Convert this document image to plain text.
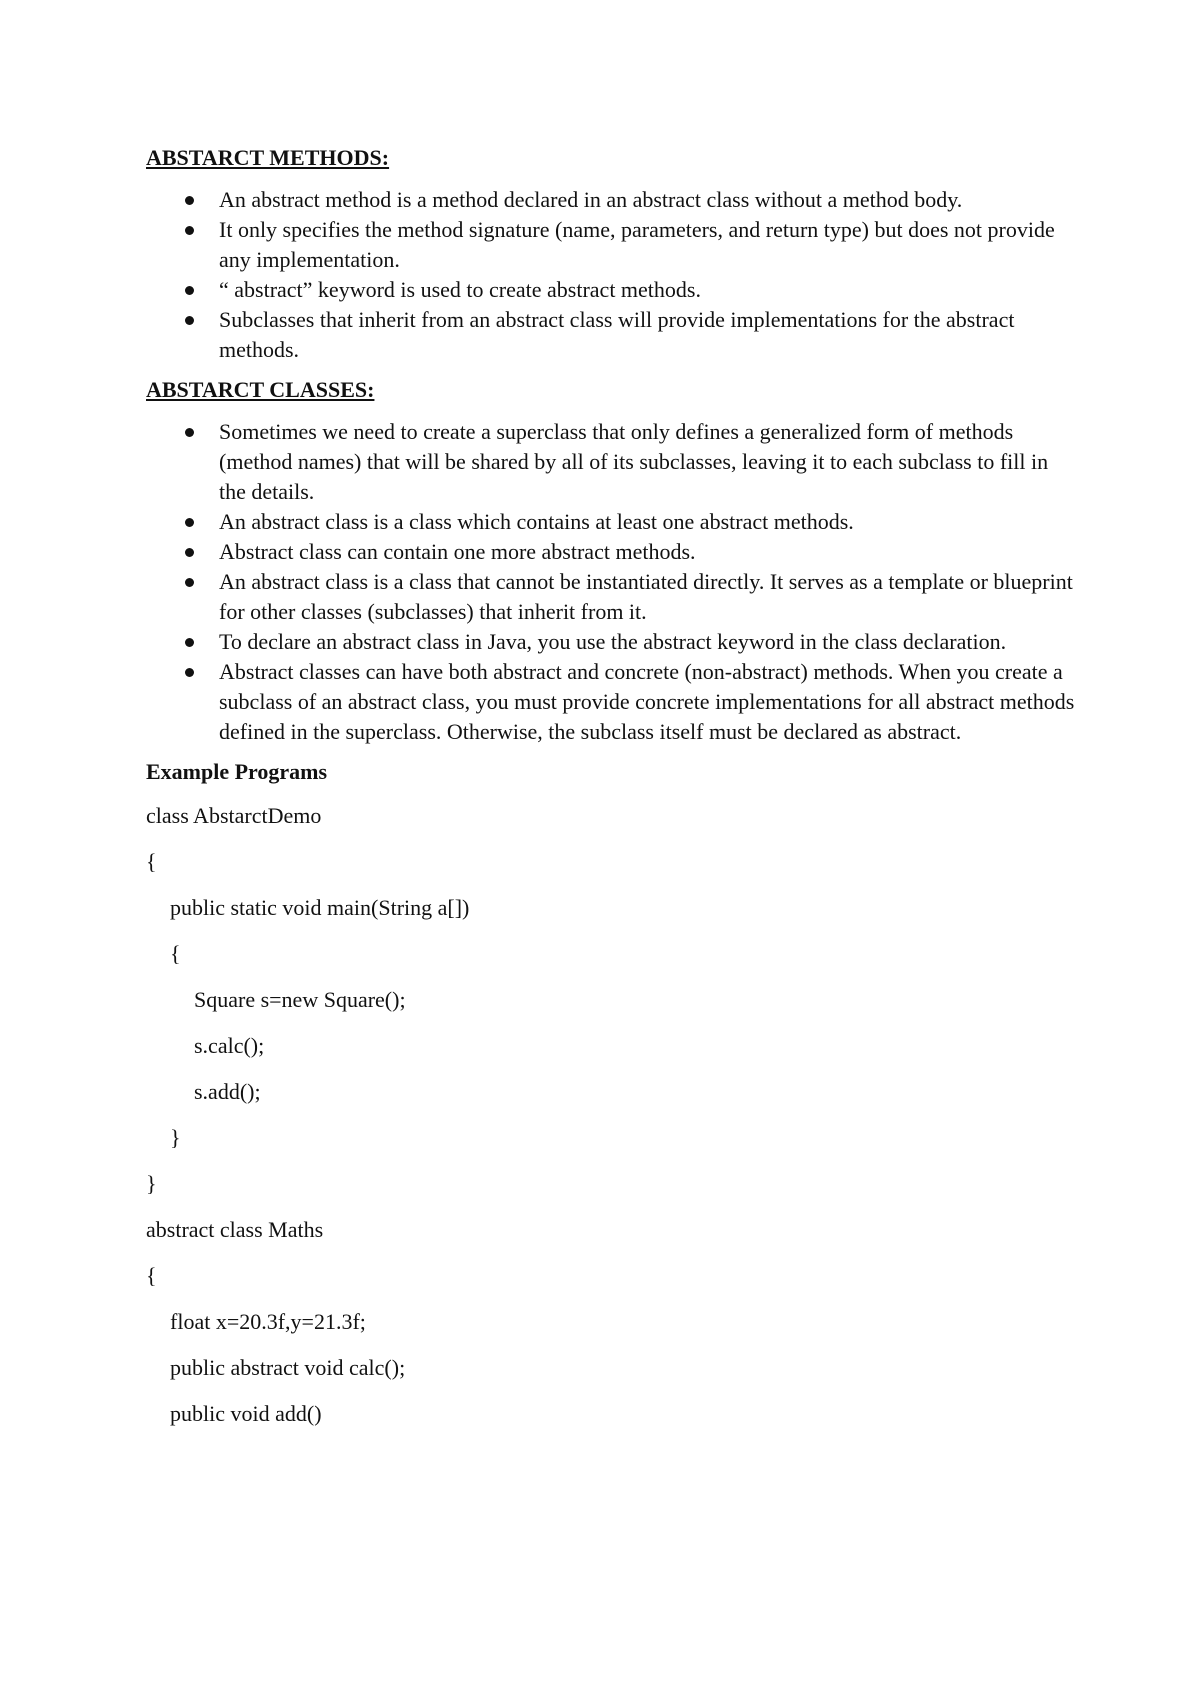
ABSTARCT METHODS:

An abstract method is a method declared in an abstract class without a method body.
It only specifies the method signature (name, parameters, and return type) but does not provide any implementation.
“ abstract” keyword is used to create abstract methods.
Subclasses that inherit from an abstract class will provide implementations for the abstract methods.

ABSTARCT CLASSES:

Sometimes we need to create a superclass that only defines a generalized form of methods (method names) that will be shared by all of its subclasses, leaving it to each subclass to fill in the details.
An abstract class is a class which contains at least one abstract methods.
Abstract class can contain one more abstract methods.
An abstract class is a class that cannot be instantiated directly. It serves as a template or blueprint for other classes (subclasses) that inherit from it.
To declare an abstract class in Java, you use the abstract keyword in the class declaration.
Abstract classes can have both abstract and concrete (non-abstract) methods. When you create a subclass of an abstract class, you must provide concrete implementations for all abstract methods defined in the superclass. Otherwise, the subclass itself must be declared as abstract.

Example Programs

class AbstarctDemo
{
public static void main(String a[])
{
Square s=new Square();
s.calc();
s.add();
}
}
abstract class Maths
{
float x=20.3f,y=21.3f;
public abstract void calc();
public void add()
